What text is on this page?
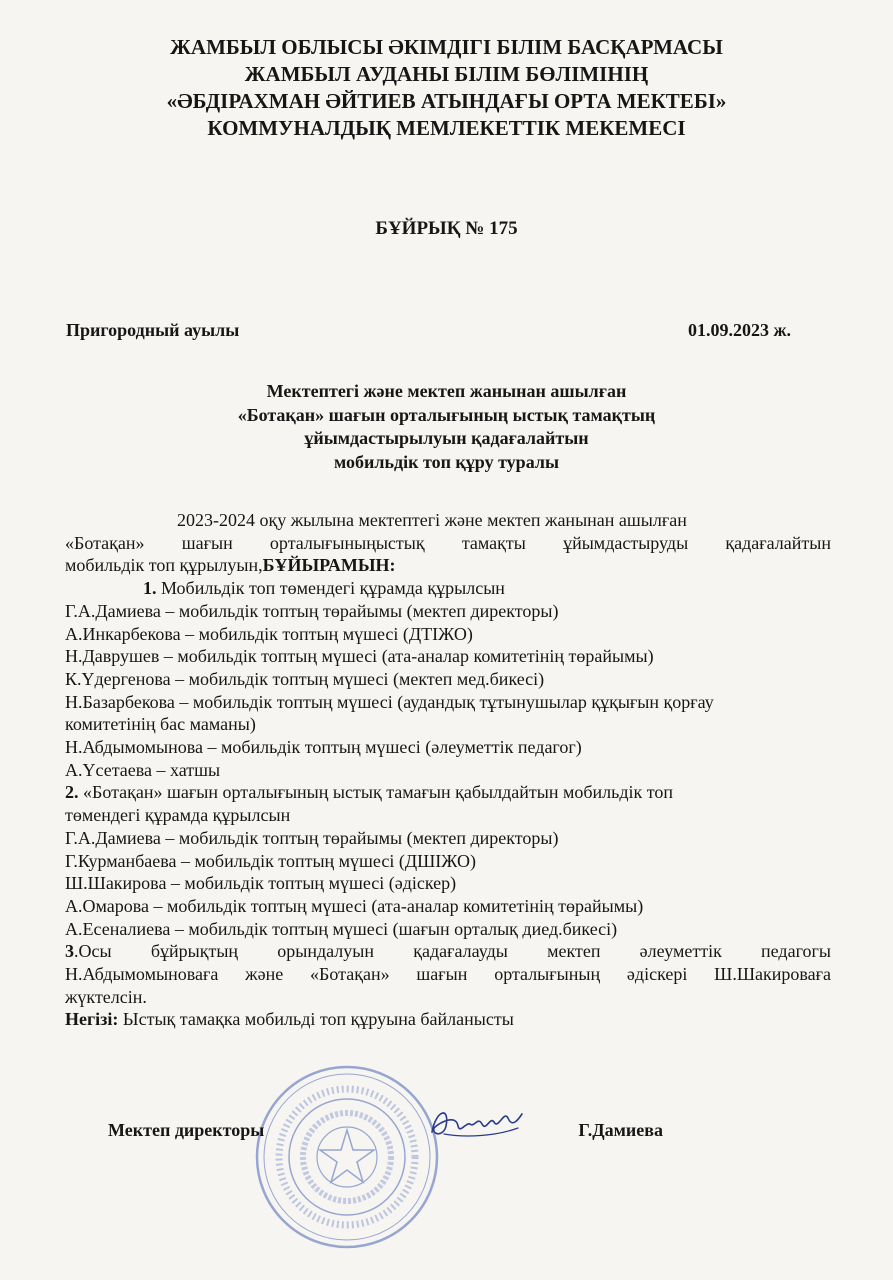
ЖАМБЫЛ ОБЛЫСЫ ӘКІМДІГІ БІЛІМ БАСҚАРМАСЫ
ЖАМБЫЛ АУДАНЫ БІЛІМ БӨЛІМІНІҢ
«ӘБДІРАХМАН ӘЙТИЕВ АТЫНДАҒЫ ОРТА МЕКТЕБІ»
КОММУНАЛДЫҚ МЕМЛЕКЕТТІК МЕКЕМЕСІ
БҰЙРЫҚ № 175
Пригородный ауылы	01.09.2023 ж.
Мектептегі және мектеп жанынан ашылған
«Ботақан» шағын орталығының ыстық тамақтың
ұйымдастырылуын қадағалайтын
мобильдік топ құру туралы
2023-2024 оқу жылына мектептегі және мектеп жанынан ашылған
«Ботақан» шағын орталығыныңыстық тамақты ұйымдастыруды қадағалайтын
мобильдік топ құрылуын,БҰЙЫРАМЫН:
1. Мобильдік топ төмендегі құрамда құрылсын
Г.А.Дамиева – мобильдік топтың төрайымы (мектеп директоры)
А.Инкарбекова – мобильдік топтың мүшесі (ДТІЖО)
Н.Даврушев – мобильдік топтың мүшесі (ата-аналар комитетінің төрайымы)
К.Үдергенова – мобильдік топтың мүшесі (мектеп мед.бикесі)
Н.Базарбекова – мобильдік топтың мүшесі (аудандық тұтынушылар құқығын қорғау
комитетінің бас маманы)
Н.Абдымомынова – мобильдік топтың мүшесі (әлеуметтік педагог)
А.Үсетаева – хатшы
2. «Ботақан» шағын орталығының ыстық тамағын қабылдайтын мобильдік топ
төмендегі құрамда құрылсын
Г.А.Дамиева – мобильдік топтың төрайымы (мектеп директоры)
Г.Курманбаева – мобильдік топтың мүшесі (ДШІЖО)
Ш.Шакирова – мобильдік топтың мүшесі (әдіскер)
А.Омарова – мобильдік топтың мүшесі (ата-аналар комитетінің төрайымы)
А.Есеналиева – мобильдік топтың мүшесі (шағын орталық диед.бикесі)
3.Осы бұйрықтың орындалуын қадағалауды мектеп әлеуметтік педагогы
Н.Абдымомыноваға және «Ботақан» шағын орталығының әдіскері Ш.Шакироваға
жүктелсін.
Негізі: Ыстық тамақка мобильді топ құруына байланысты
Мектеп директоры	Г.Дамиева
